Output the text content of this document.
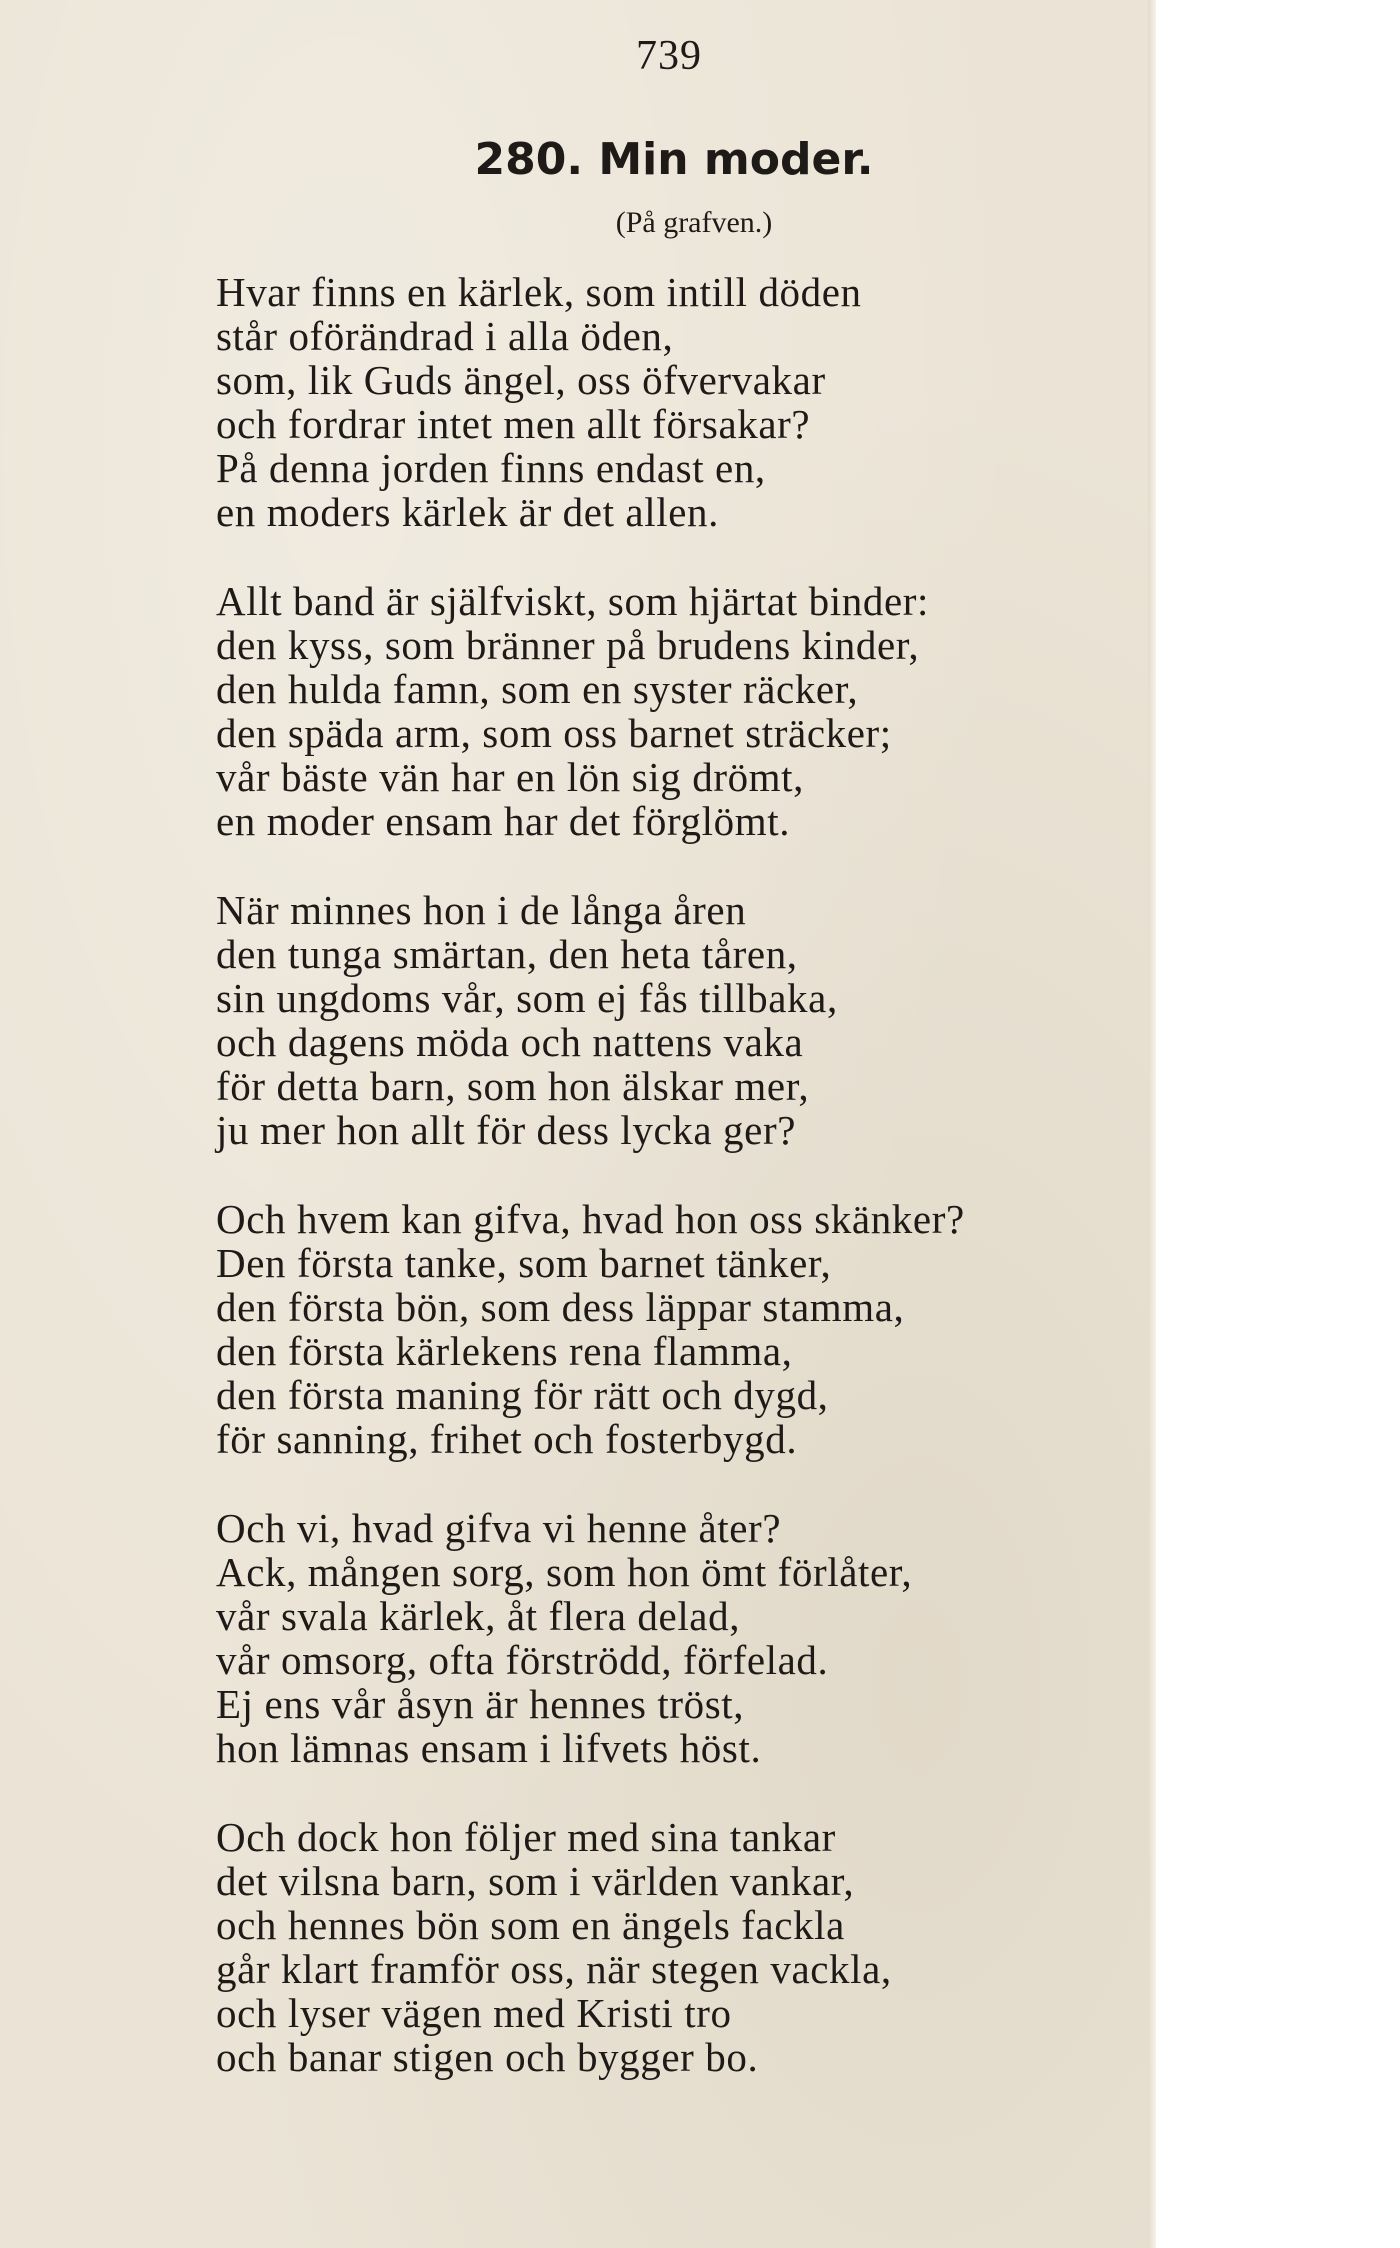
739
280. Min moder.
(På grafven.)
Hvar finns en kärlek, som intill döden
står oförändrad i alla öden,
som, lik Guds ängel, oss öfvervakar
och fordrar intet men allt försakar?
På denna jorden finns endast en,
en moders kärlek är det allen.
Allt band är själfviskt, som hjärtat binder:
den kyss, som bränner på brudens kinder,
den hulda famn, som en syster räcker,
den späda arm, som oss barnet sträcker;
vår bäste vän har en lön sig drömt,
en moder ensam har det förglömt.
När minnes hon i de långa åren
den tunga smärtan, den heta tåren,
sin ungdoms vår, som ej fås tillbaka,
och dagens möda och nattens vaka
för detta barn, som hon älskar mer,
ju mer hon allt för dess lycka ger?
Och hvem kan gifva, hvad hon oss skänker?
Den första tanke, som barnet tänker,
den första bön, som dess läppar stamma,
den första kärlekens rena flamma,
den första maning för rätt och dygd,
för sanning, frihet och fosterbygd.
Och vi, hvad gifva vi henne åter?
Ack, mången sorg, som hon ömt förlåter,
vår svala kärlek, åt flera delad,
vår omsorg, ofta förströdd, förfelad.
Ej ens vår åsyn är hennes tröst,
hon lämnas ensam i lifvets höst.
Och dock hon följer med sina tankar
det vilsna barn, som i världen vankar,
och hennes bön som en ängels fackla
går klart framför oss, när stegen vackla,
och lyser vägen med Kristi tro
och banar stigen och bygger bo.
